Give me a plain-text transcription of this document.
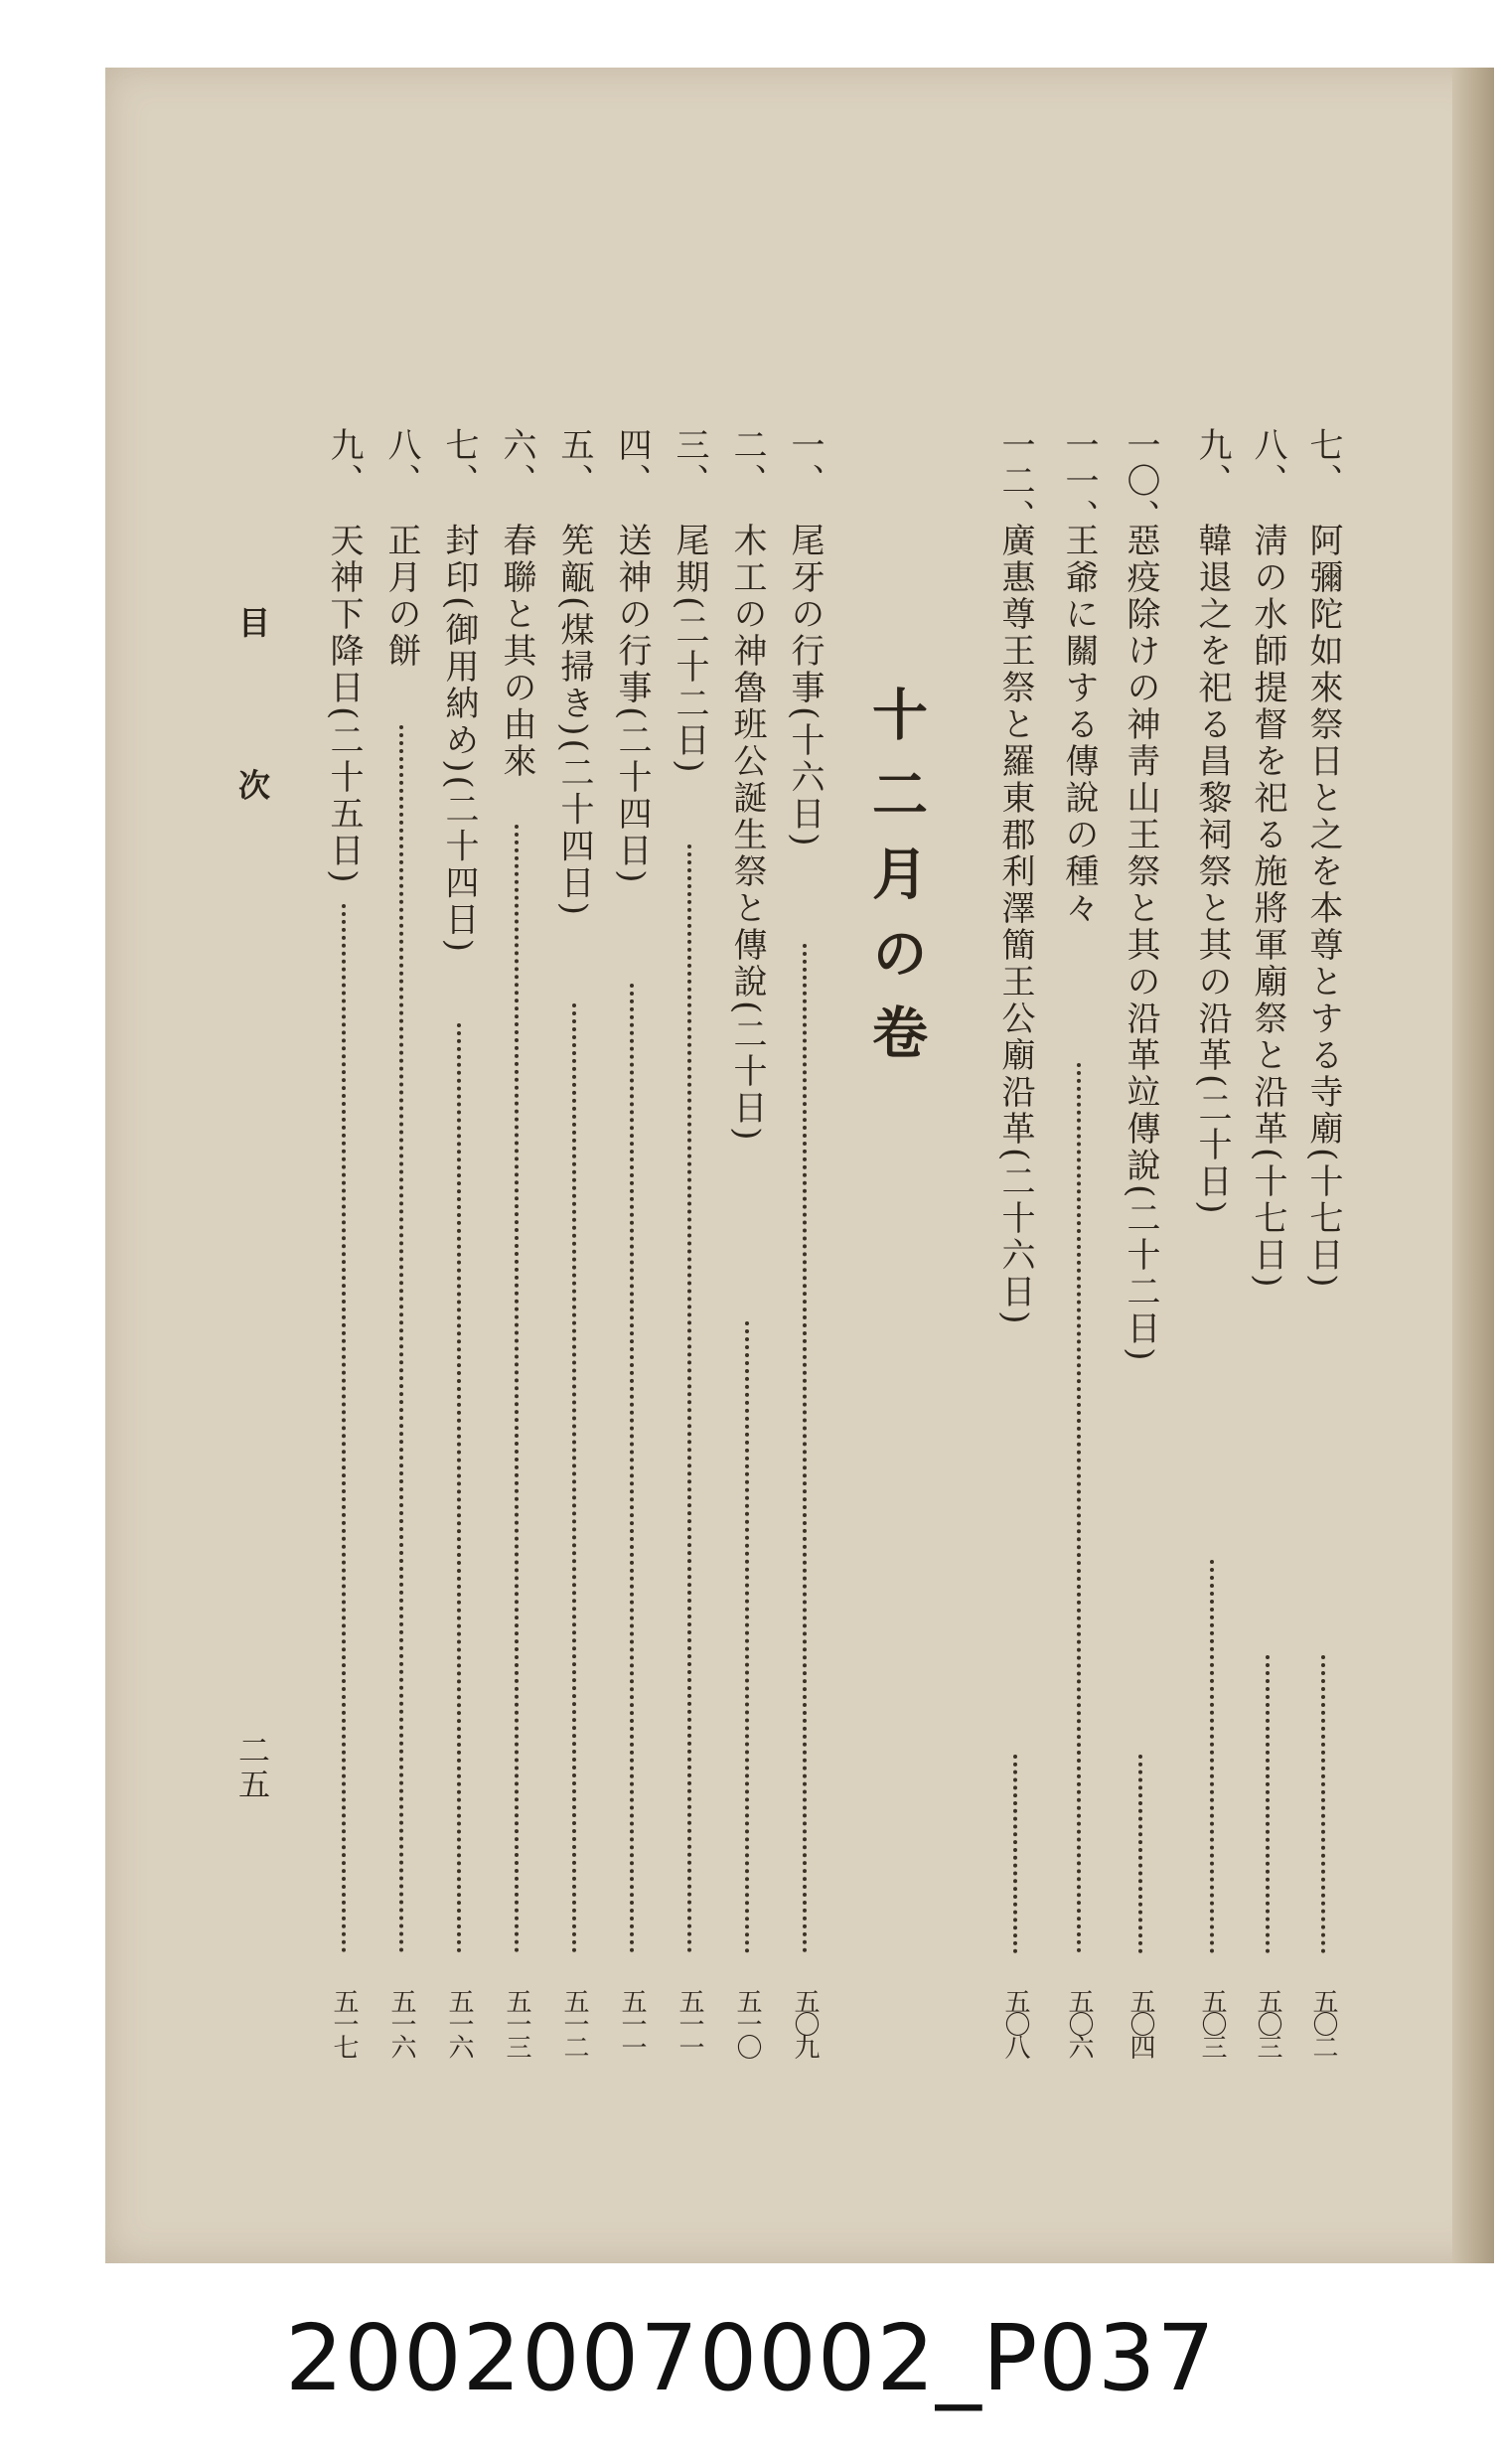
七、
阿彌陀如來祭日と之を本尊とする寺廟(十七日)
五〇二
八、
淸の水師提督を祀る施將軍廟祭と沿革(十七日)
五〇三
九、
韓退之を祀る昌黎祠祭と其の沿革(二十日)
五〇三
一〇、
惡疫除けの神靑山王祭と其の沿革竝傳說(二十二日)
五〇四
一一、
王爺に關する傳說の種々
五〇六
一二、
廣惠尊王祭と羅東郡利澤簡王公廟沿革(二十六日)
五〇八
十二月の卷
一、
尾牙の行事(十六日)
五〇九
二、
木工の神魯班公誕生祭と傳說(二十日)
五一〇
三、
尾期(二十二日)
五一一
四、
送神の行事(二十四日)
五一一
五、
筅甋(煤掃き)(二十四日)
五一二
六、
春聯と其の由來
五一三
七、
封印(御用納め)(二十四日)
五一六
八、
正月の餅
五一六
九、
天神下降日(二十五日)
五一七
目 次
二五
20020070002_P037
